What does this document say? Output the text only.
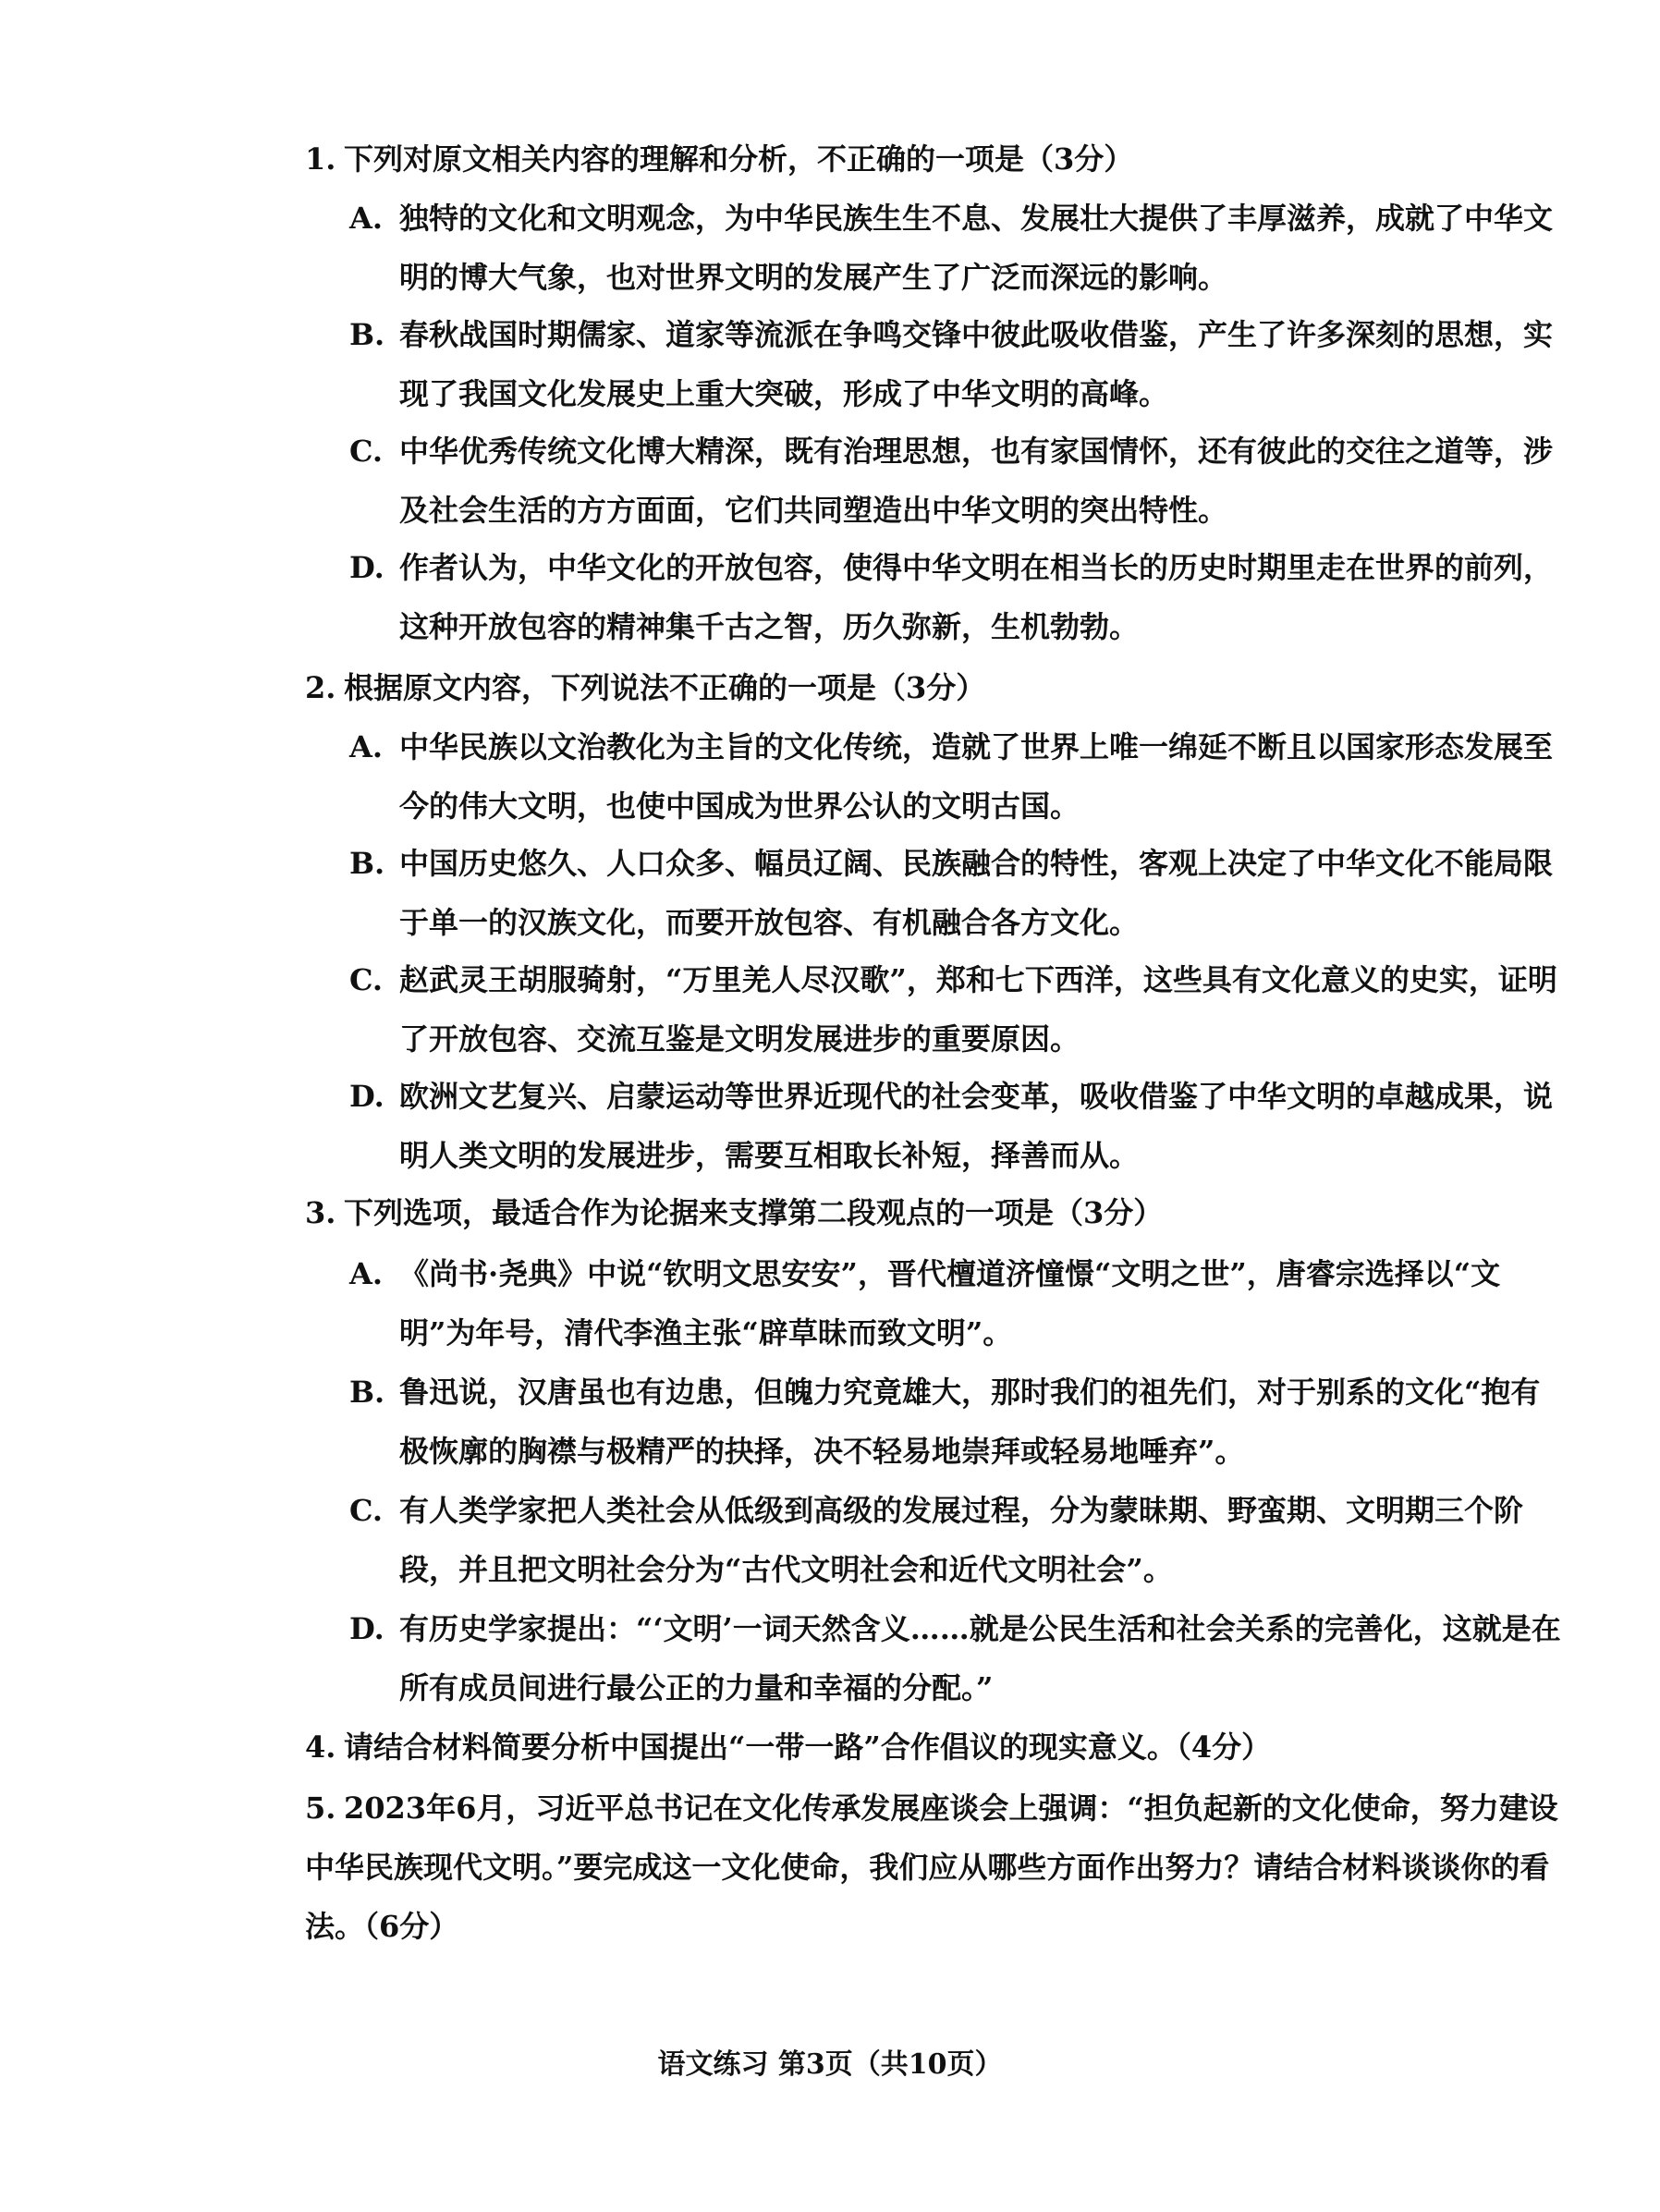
1. 下列对原文相关内容的理解和分析，不正确的一项是（3分）
A. 独特的文化和文明观念，为中华民族生生不息、发展壮大提供了丰厚滋养，成就了中华文明的博大气象，也对世界文明的发展产生了广泛而深远的影响。
B. 春秋战国时期儒家、道家等流派在争鸣交锋中彼此吸收借鉴，产生了许多深刻的思想，实现了我国文化发展史上重大突破，形成了中华文明的高峰。
C. 中华优秀传统文化博大精深，既有治理思想，也有家国情怀，还有彼此的交往之道等，涉及社会生活的方方面面，它们共同塑造出中华文明的突出特性。
D. 作者认为，中华文化的开放包容，使得中华文明在相当长的历史时期里走在世界的前列，这种开放包容的精神集千古之智，历久弥新，生机勃勃。
2. 根据原文内容，下列说法不正确的一项是（3分）
A. 中华民族以文治教化为主旨的文化传统，造就了世界上唯一绵延不断且以国家形态发展至今的伟大文明，也使中国成为世界公认的文明古国。
B. 中国历史悠久、人口众多、幅员辽阔、民族融合的特性，客观上决定了中华文化不能局限于单一的汉族文化，而要开放包容、有机融合各方文化。
C. 赵武灵王胡服骑射，“万里羌人尽汉歌”，郑和七下西洋，这些具有文化意义的史实，证明了开放包容、交流互鉴是文明发展进步的重要原因。
D. 欧洲文艺复兴、启蒙运动等世界近现代的社会变革，吸收借鉴了中华文明的卓越成果，说明人类文明的发展进步，需要互相取长补短，择善而从。
3. 下列选项，最适合作为论据来支撑第二段观点的一项是（3分）
A. 《尚书·尧典》中说“钦明文思安安”，晋代檀道济憧憬“文明之世”，唐睿宗选择以“文明”为年号，清代李渔主张“辟草昧而致文明”。
B. 鲁迅说，汉唐虽也有边患，但魄力究竟雄大，那时我们的祖先们，对于别系的文化“抱有极恢廓的胸襟与极精严的抉择，决不轻易地崇拜或轻易地唾弃”。
C. 有人类学家把人类社会从低级到高级的发展过程，分为蒙昧期、野蛮期、文明期三个阶段，并且把文明社会分为“古代文明社会和近代文明社会”。
D. 有历史学家提出：“‘文明’一词天然含义……就是公民生活和社会关系的完善化，这就是在所有成员间进行最公正的力量和幸福的分配。”
4. 请结合材料简要分析中国提出“一带一路”合作倡议的现实意义。（4分）
5. 2023年6月，习近平总书记在文化传承发展座谈会上强调：“担负起新的文化使命，努力建设中华民族现代文明。”要完成这一文化使命，我们应从哪些方面作出努力？请结合材料谈谈你的看法。（6分）
语文练习 第3页（共10页）
